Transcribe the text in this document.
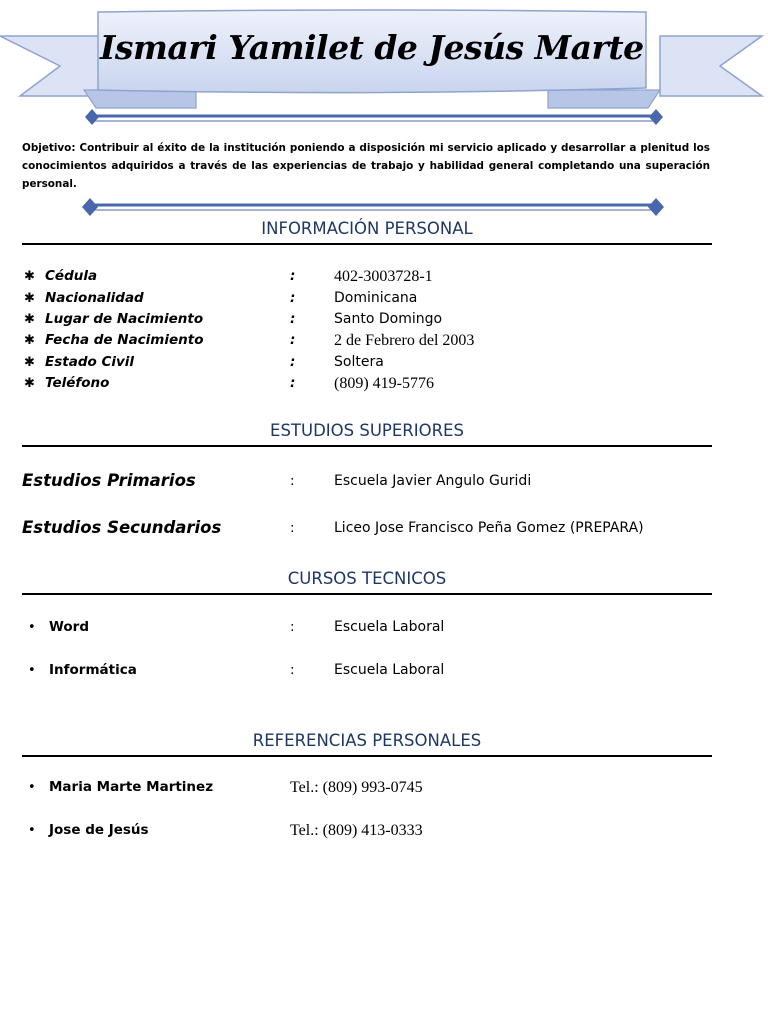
Ismari Yamilet de Jesús Marte

Objetivo: Contribuir al éxito de la institución poniendo a disposición mi servicio aplicado y desarrollar a plenitud los conocimientos adquiridos a través de las experiencias de trabajo y habilidad general completando una superación personal.

INFORMACIÓN PERSONAL
✱ Cédula	: 402-3003728-1
✱ Nacionalidad	:	Dominicana
✱ Lugar de Nacimiento	:	Santo Domingo
✱ Fecha de Nacimiento	: 2 de Febrero del 2003
✱ Estado Civil	:	Soltera
✱ Teléfono	: (809) 419-5776
ESTUDIOS SUPERIORES
Estudios Primarios	:	Escuela Javier Angulo Guridi
Estudios Secundarios	:	Liceo Jose Francisco Peña Gomez (PREPARA)
CURSOS TECNICOS
• Word	:	Escuela Laboral
• Informática	:	Escuela Laboral
REFERENCIAS PERSONALES
• Maria Marte Martinez	Tel.: (809) 993-0745
• Jose de Jesús	Tel.: (809) 413-0333
